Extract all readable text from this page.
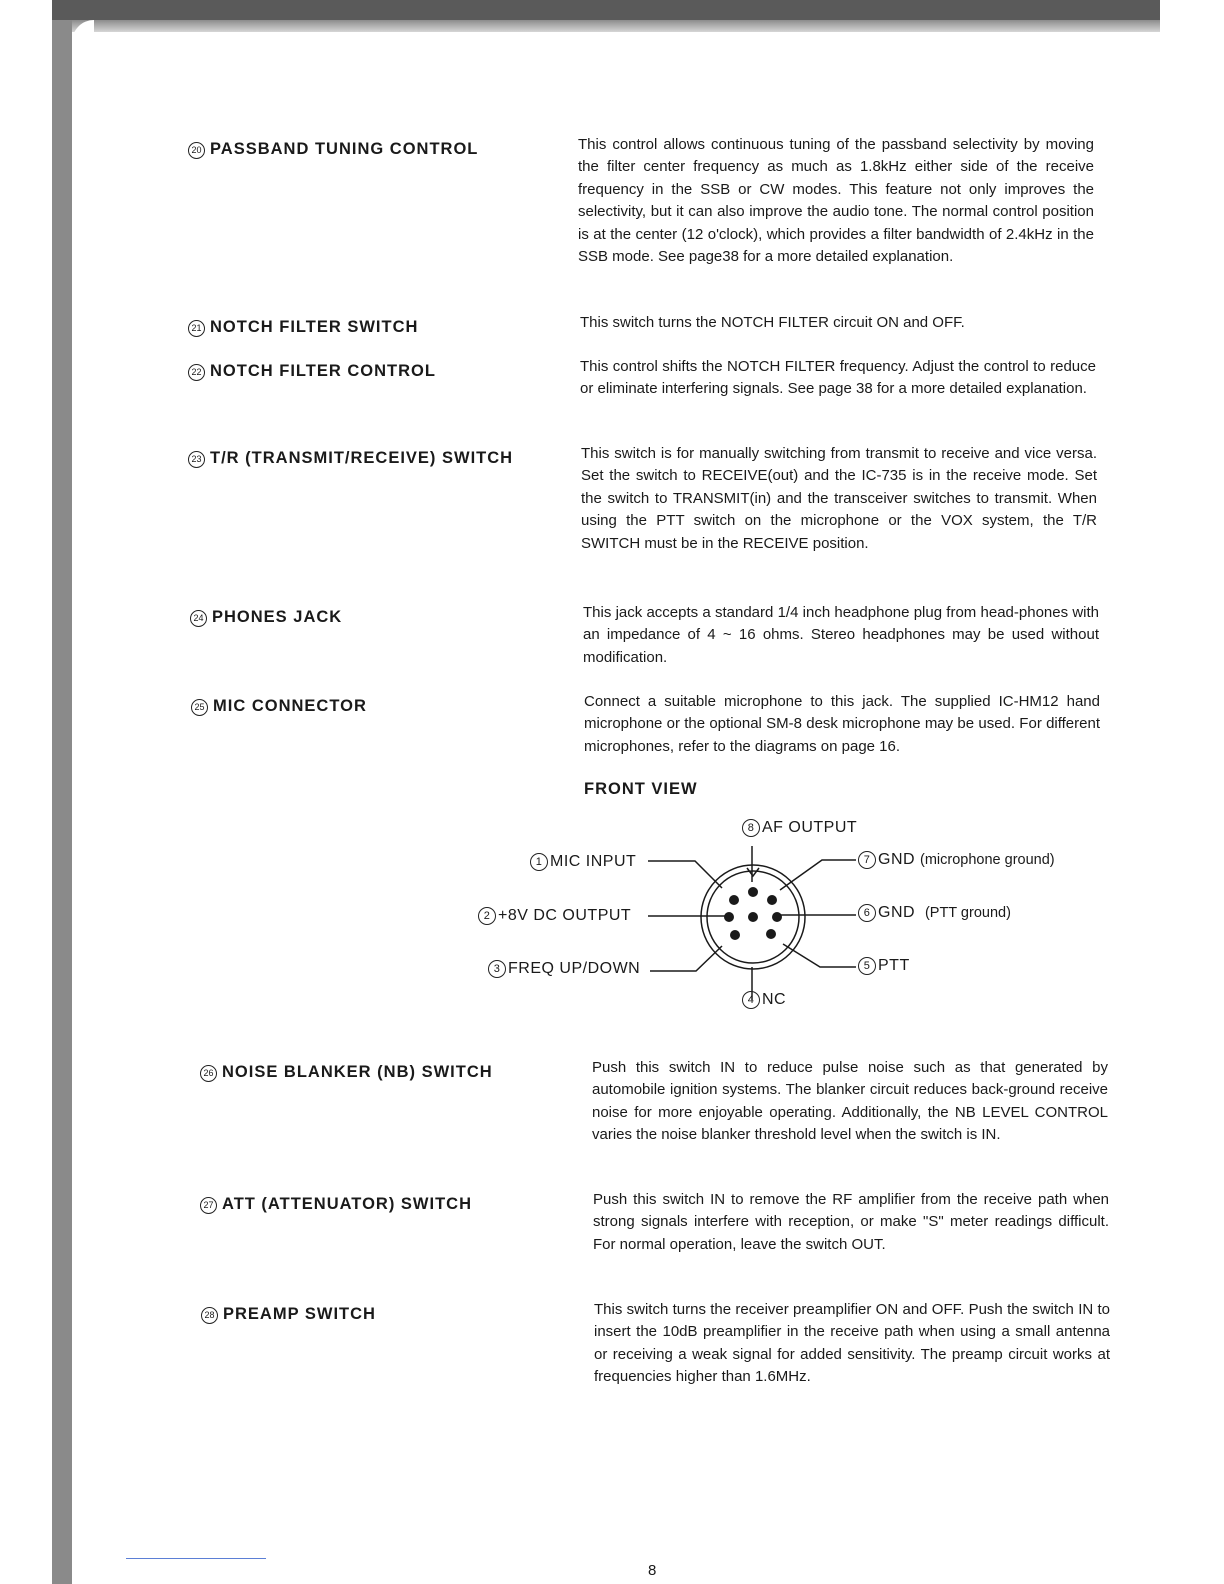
20 PASSBAND TUNING CONTROL	This control allows continuous tuning of the passband selectivity by moving the filter center frequency as much as 1.8kHz either side of the receive frequency in the SSB or CW modes. This feature not only improves the selectivity, but it can also improve the audio tone. The normal control position is at the center (12 o'clock), which provides a filter bandwidth of 2.4kHz in the SSB mode. See page38 for a more detailed explanation.
21 NOTCH FILTER SWITCH	This switch turns the NOTCH FILTER circuit ON and OFF.
22 NOTCH FILTER CONTROL	This control shifts the NOTCH FILTER frequency. Adjust the control to reduce or eliminate interfering signals. See page 38 for a more detailed explanation.
23 T/R (TRANSMIT/RECEIVE) SWITCH	This switch is for manually switching from transmit to receive and vice versa. Set the switch to RECEIVE(out) and the IC-735 is in the receive mode. Set the switch to TRANSMIT(in) and the transceiver switches to transmit. When using the PTT switch on the microphone or the VOX system, the T/R SWITCH must be in the RECEIVE position.
24 PHONES JACK	This jack accepts a standard 1/4 inch headphone plug from head-phones with an impedance of 4 ~ 16 ohms. Stereo headphones may be used without modification.
25 MIC CONNECTOR	Connect a suitable microphone to this jack. The supplied IC-HM12 hand microphone or the optional SM-8 desk microphone may be used. For different microphones, refer to the diagrams on page 16.
FRONT VIEW
8 AF OUTPUT
1 MIC INPUT
2 +8V DC OUTPUT
3 FREQ UP/DOWN
4 NC
5 PTT
6 GND (PTT ground)
7 GND (microphone ground)
26 NOISE BLANKER (NB) SWITCH	Push this switch IN to reduce pulse noise such as that generated by automobile ignition systems. The blanker circuit reduces back-ground receive noise for more enjoyable operating. Additionally, the NB LEVEL CONTROL varies the noise blanker threshold level when the switch is IN.
27 ATT (ATTENUATOR) SWITCH	Push this switch IN to remove the RF amplifier from the receive path when strong signals interfere with reception, or make "S" meter readings difficult. For normal operation, leave the switch OUT.
28 PREAMP SWITCH	This switch turns the receiver preamplifier ON and OFF. Push the switch IN to insert the 10dB preamplifier in the receive path when using a small antenna or receiving a weak signal for added sensitivity. The preamp circuit works at frequencies higher than 1.6MHz.
8
